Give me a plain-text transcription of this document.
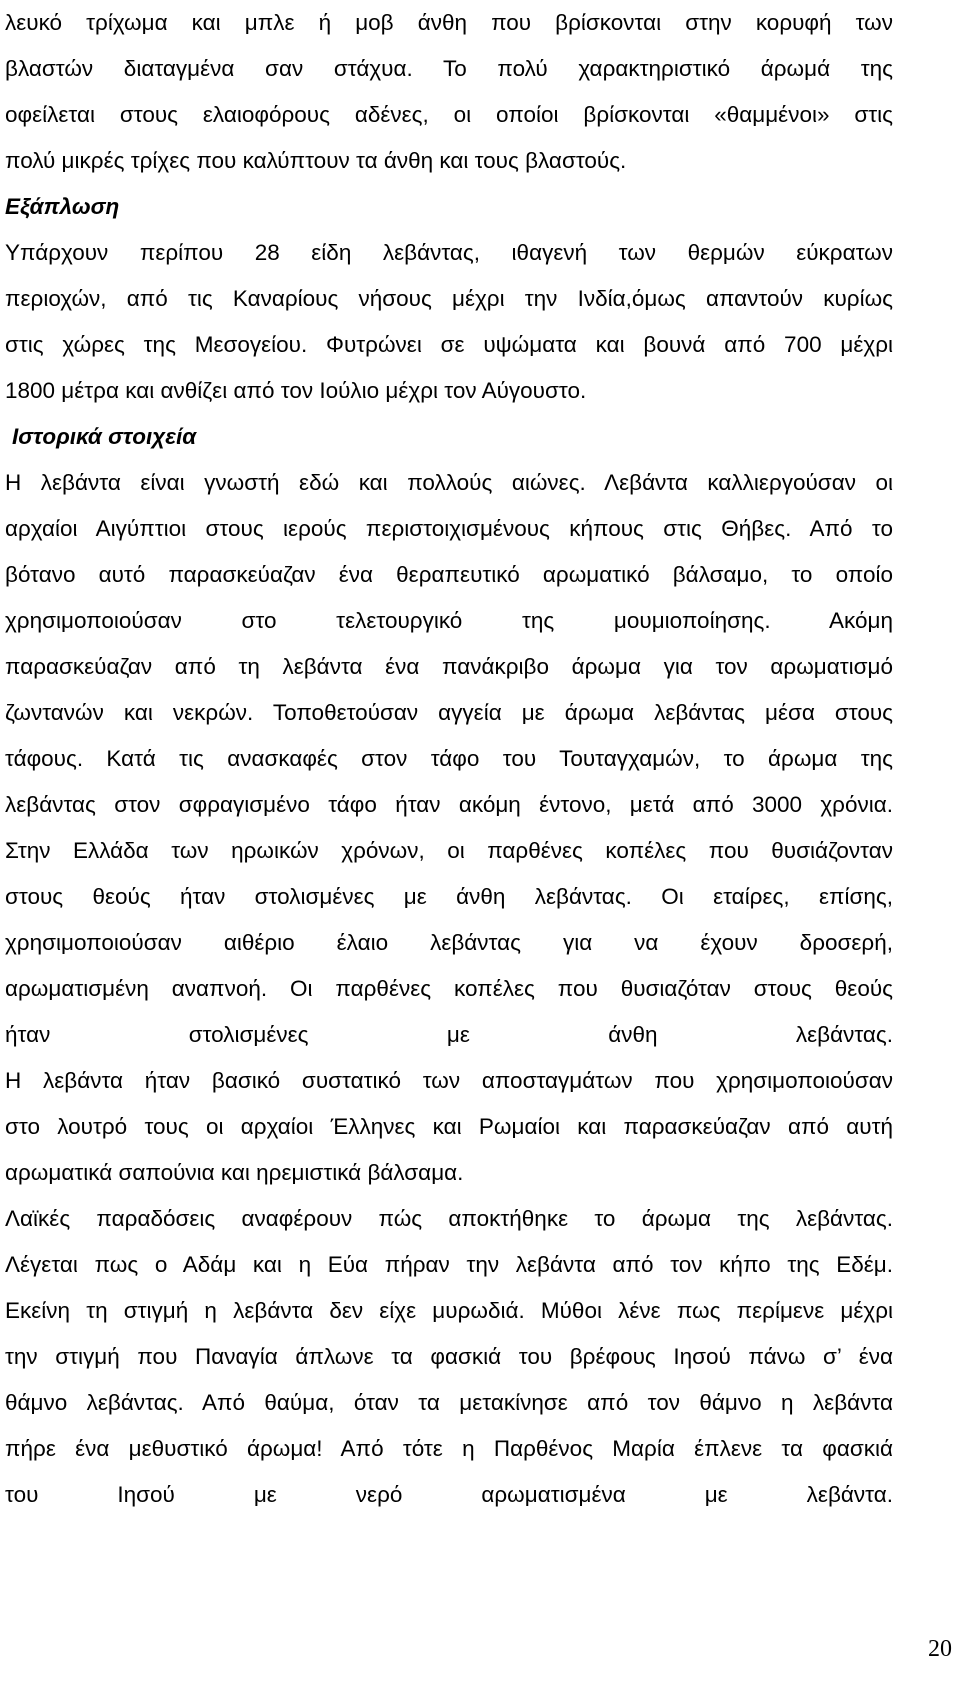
λευκό τρίχωμα και μπλε ή μοβ άνθη που βρίσκονται στην κορυφή των
βλαστών διαταγμένα σαν στάχυα. Το πολύ χαρακτηριστικό άρωμά της
οφείλεται στους ελαιοφόρους αδένες, οι οποίοι βρίσκονται «θαμμένοι» στις
πολύ μικρές τρίχες που καλύπτουν τα άνθη και τους βλαστούς.
Εξάπλωση
Υπάρχουν περίπου 28 είδη λεβάντας, ιθαγενή των θερμών εύκρατων
περιοχών, από τις Καναρίους νήσους μέχρι την Ινδία,όμως απαντούν κυρίως
στις χώρες της Μεσογείου. Φυτρώνει σε υψώματα και βουνά από 700 μέχρι
1800 μέτρα και ανθίζει από τον Ιούλιο μέχρι τον Αύγουστο.
Ιστορικά στοιχεία
Η λεβάντα είναι γνωστή εδώ και πολλούς αιώνες. Λεβάντα καλλιεργούσαν οι
αρχαίοι Αιγύπτιοι στους ιερούς περιστοιχισμένους κήπους στις Θήβες. Από το
βότανο αυτό παρασκεύαζαν ένα θεραπευτικό αρωματικό βάλσαμο, το οποίο
χρησιμοποιούσαν στο τελετουργικό της μουμιοποίησης. Ακόμη
παρασκεύαζαν από τη λεβάντα ένα πανάκριβο άρωμα για τον αρωματισμό
ζωντανών και νεκρών. Τοποθετούσαν αγγεία με άρωμα λεβάντας μέσα στους
τάφους. Κατά τις ανασκαφές στον τάφο του Τουταγχαμών, το άρωμα της
λεβάντας στον σφραγισμένο τάφο ήταν ακόμη έντονο, μετά από 3000 χρόνια.
Στην Ελλάδα των ηρωικών χρόνων, οι παρθένες κοπέλες που θυσιάζονταν
στους θεούς ήταν στολισμένες με άνθη λεβάντας. Οι εταίρες, επίσης,
χρησιμοποιούσαν αιθέριο έλαιο λεβάντας για να έχουν δροσερή,
αρωματισμένη αναπνοή. Οι παρθένες κοπέλες που θυσιαζόταν στους θεούς
ήταν στολισμένες με άνθη λεβάντας.
Η λεβάντα ήταν βασικό συστατικό των αποσταγμάτων που χρησιμοποιούσαν
στο λουτρό τους οι αρχαίοι Έλληνες και Ρωμαίοι και παρασκεύαζαν από αυτή
αρωματικά σαπούνια και ηρεμιστικά βάλσαμα.
Λαϊκές παραδόσεις αναφέρουν πώς αποκτήθηκε το άρωμα της λεβάντας.
Λέγεται πως ο Αδάμ και η Εύα πήραν την λεβάντα από τον κήπο της Εδέμ.
Εκείνη τη στιγμή η λεβάντα δεν είχε μυρωδιά. Μύθοι λένε πως περίμενε μέχρι
την στιγμή που Παναγία άπλωνε τα φασκιά του βρέφους Ιησού πάνω σ’ ένα
θάμνο λεβάντας. Από θαύμα, όταν τα μετακίνησε από τον θάμνο η λεβάντα
πήρε ένα μεθυστικό άρωμα! Από τότε η Παρθένος Μαρία έπλενε τα φασκιά
του Ιησού με νερό αρωματισμένα με λεβάντα.
20
